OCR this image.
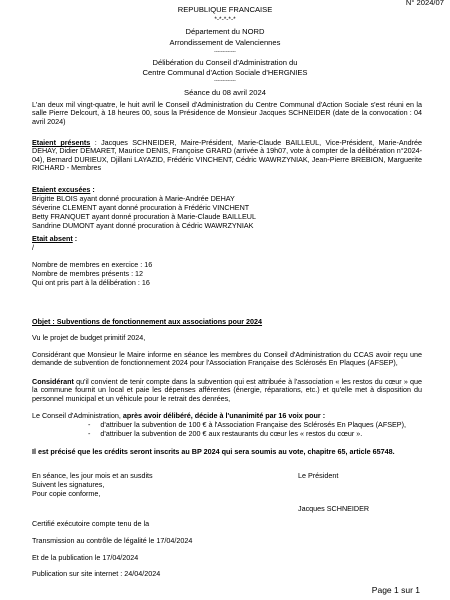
N° 2024/07
REPUBLIQUE FRANCAISE
*-*-*-*-*
Département du NORD
Arrondissement de Valenciennes
-------------
Délibération du Conseil d'Administration du
Centre Communal d'Action Sociale d'HERGNIES
-------------
Séance du 08 avril 2024
L'an deux mil vingt-quatre, le huit avril le Conseil d'Administration du Centre Communal d'Action Sociale s'est réuni en la salle Pierre Delcourt, à 18 heures 00, sous la Présidence de Monsieur Jacques SCHNEIDER (date de la convocation : 04 avril 2024)
Etaient présents : Jacques SCHNEIDER, Maire-Président, Marie-Claude BAILLEUL, Vice-Président, Marie-Andrée DEHAY, Didier DEMARET, Maurice DENIS, Françoise GRARD (arrivée à 19h07, vote à compter de la délibération n°2024-04), Bernard DURIEUX, Djillani LAYAZID, Frédéric VINCHENT, Cédric WAWRZYNIAK, Jean-Pierre BREBION, Marguerite RICHARD - Membres
Etaient excusées :
Brigitte BLOIS ayant donné procuration à Marie-Andrée DEHAY
Séverine CLEMENT ayant donné procuration à Frédéric VINCHENT
Betty FRANQUET ayant donné procuration à Marie-Claude BAILLEUL
Sandrine DUMONT ayant donné procuration à Cédric WAWRZYNIAK
Etait absent :
/
Nombre de membres en exercice : 16
Nombre de membres présents : 12
Qui ont pris part à la délibération : 16
Objet : Subventions de fonctionnement aux associations pour 2024
Vu le projet de budget primitif 2024,
Considérant que Monsieur le Maire informe en séance les membres du Conseil d'Administration du CCAS avoir reçu une demande de subvention de fonctionnement 2024 pour l'Association Française des Sclérosés En Plaques (AFSEP),
Considérant qu'il convient de tenir compte dans la subvention qui est attribuée à l'association « les restos du cœur » que la commune fournit un local et paie les dépenses afférentes (énergie, réparations, etc.) et qu'elle met à disposition du personnel municipal et un véhicule pour le retrait des denrées,
Le Conseil d'Administration, après avoir délibéré, décide à l'unanimité par 16 voix pour :
- d'attribuer la subvention de 100 € à l'Association Française des Sclérosés En Plaques (AFSEP),
- d'attribuer la subvention de 200 € aux restaurants du cœur les « restos du cœur ».
Il est précisé que les crédits seront inscrits au BP 2024 qui sera soumis au vote, chapitre 65, article 65748.
En séance, les jour mois et an susdits
Suivent les signatures,
Pour copie conforme,
Le Président
Jacques SCHNEIDER
Certifié exécutoire compte tenu de la
Transmission au contrôle de légalité le 17/04/2024
Et de la publication le 17/04/2024
Publication sur site internet : 24/04/2024
Page 1 sur 1
